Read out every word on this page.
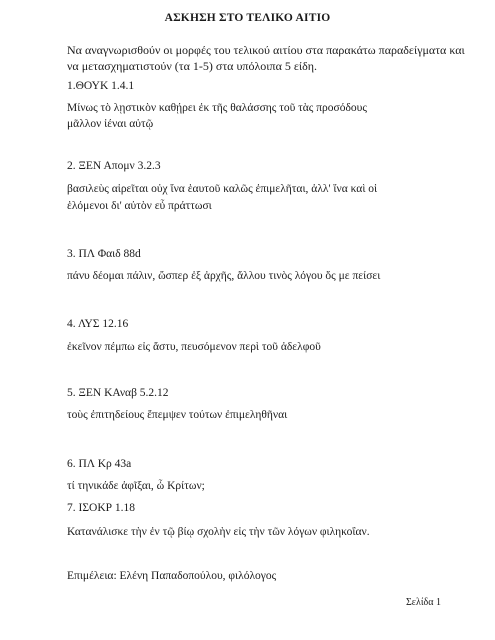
ΑΣΚΗΣΗ ΣΤΟ ΤΕΛΙΚΟ ΑΙΤΙΟ
Να αναγνωρισθούν οι μορφές του τελικού αιτίου στα παρακάτω παραδείγματα και να μετασχηματιστούν (τα 1-5) στα υπόλοιπα 5 είδη.
1.ΘΟΥΚ 1.4.1
Μίνως τὸ λῃστικὸν καθῄρει ἐκ τῆς θαλάσσης τοῦ τὰς προσόδους
μᾶλλον ἰέναι αὐτῷ
2. ΞΕΝ Απομν 3.2.3
βασιλεὺς αἱρεῖται οὐχ ἵνα ἑαυτοῦ καλῶς ἐπιμελῆται, ἀλλ' ἵνα καὶ οἱ
ἑλόμενοι δι' αὐτὸν εὖ πράττωσι
3. ΠΛ Φαιδ 88d
πάνυ δέομαι πάλιν, ὥσπερ ἐξ ἀρχῆς, ἄλλου τινὸς λόγου ὅς με πείσει
4. ΛΥΣ 12.16
ἐκεῖνον πέμπω εἰς ἄστυ, πευσόμενον περὶ τοῦ ἀδελφοῦ
5. ΞΕΝ ΚΑναβ 5.2.12
τοὺς ἐπιτηδείους ἔπεμψεν τούτων ἐπιμεληθῆναι
6. ΠΛ Κρ 43a
τί τηνικάδε ἀφῖξαι, ὦ Κρίτων;
7. ΙΣΟΚΡ 1.18
Κατανάλισκε τὴν ἐν τῷ βίῳ σχολὴν εἰς τὴν τῶν λόγων φιληκοΐαν.
Επιμέλεια: Ελένη Παπαδοπούλου, φιλόλογος
Σελίδα 1
